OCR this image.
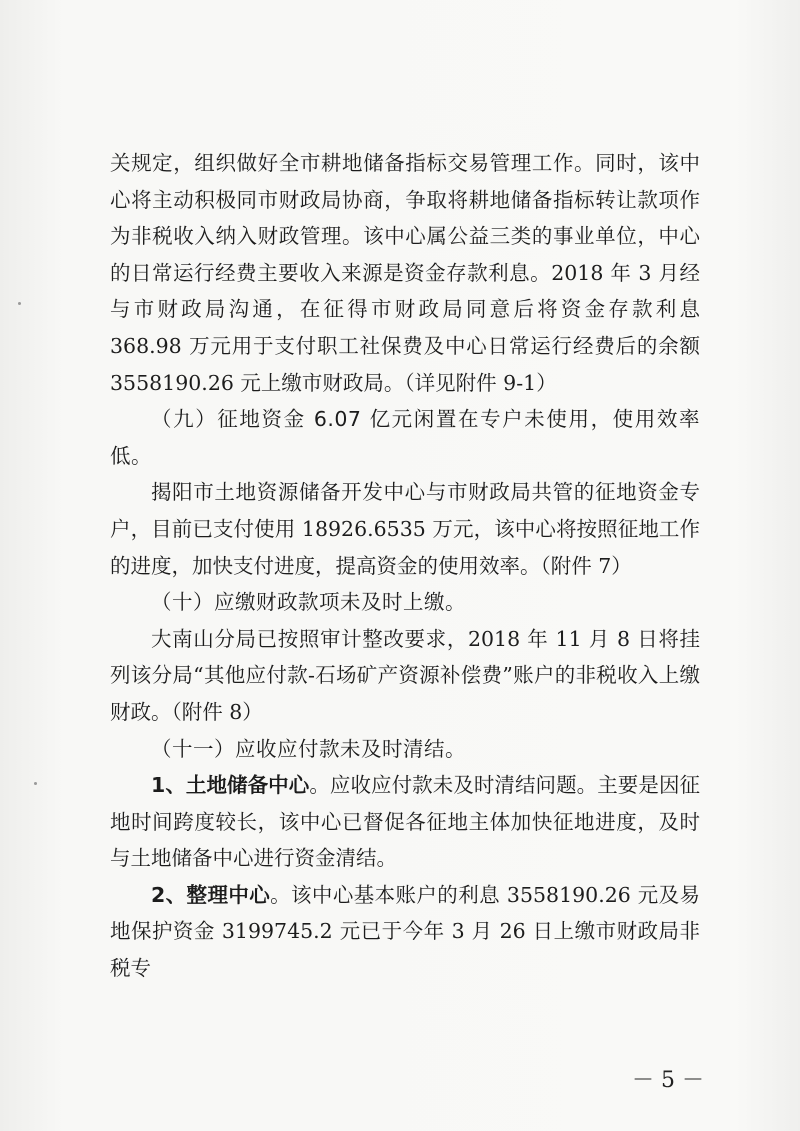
关规定，组织做好全市耕地储备指标交易管理工作。同时，该中心将主动积极同市财政局协商，争取将耕地储备指标转让款项作为非税收入纳入财政管理。该中心属公益三类的事业单位，中心的日常运行经费主要收入来源是资金存款利息。2018 年 3 月经与市财政局沟通，在征得市财政局同意后将资金存款利息 368.98 万元用于支付职工社保费及中心日常运行经费后的余额 3558190.26 元上缴市财政局。（详见附件 9-1）

（九）征地资金 6.07 亿元闲置在专户未使用，使用效率低。

揭阳市土地资源储备开发中心与市财政局共管的征地资金专户，目前已支付使用 18926.6535 万元，该中心将按照征地工作的进度，加快支付进度，提高资金的使用效率。（附件 7）

（十）应缴财政款项未及时上缴。

大南山分局已按照审计整改要求，2018 年 11 月 8 日将挂列该分局“其他应付款-石场矿产资源补偿费”账户的非税收入上缴财政。（附件 8）

（十一）应收应付款未及时清结。

1、土地储备中心。应收应付款未及时清结问题。主要是因征地时间跨度较长，该中心已督促各征地主体加快征地进度，及时与土地储备中心进行资金清结。

2、整理中心。该中心基本账户的利息 3558190.26 元及易地保护资金 3199745.2 元已于今年 3 月 26 日上缴市财政局非税专

－ 5 －
